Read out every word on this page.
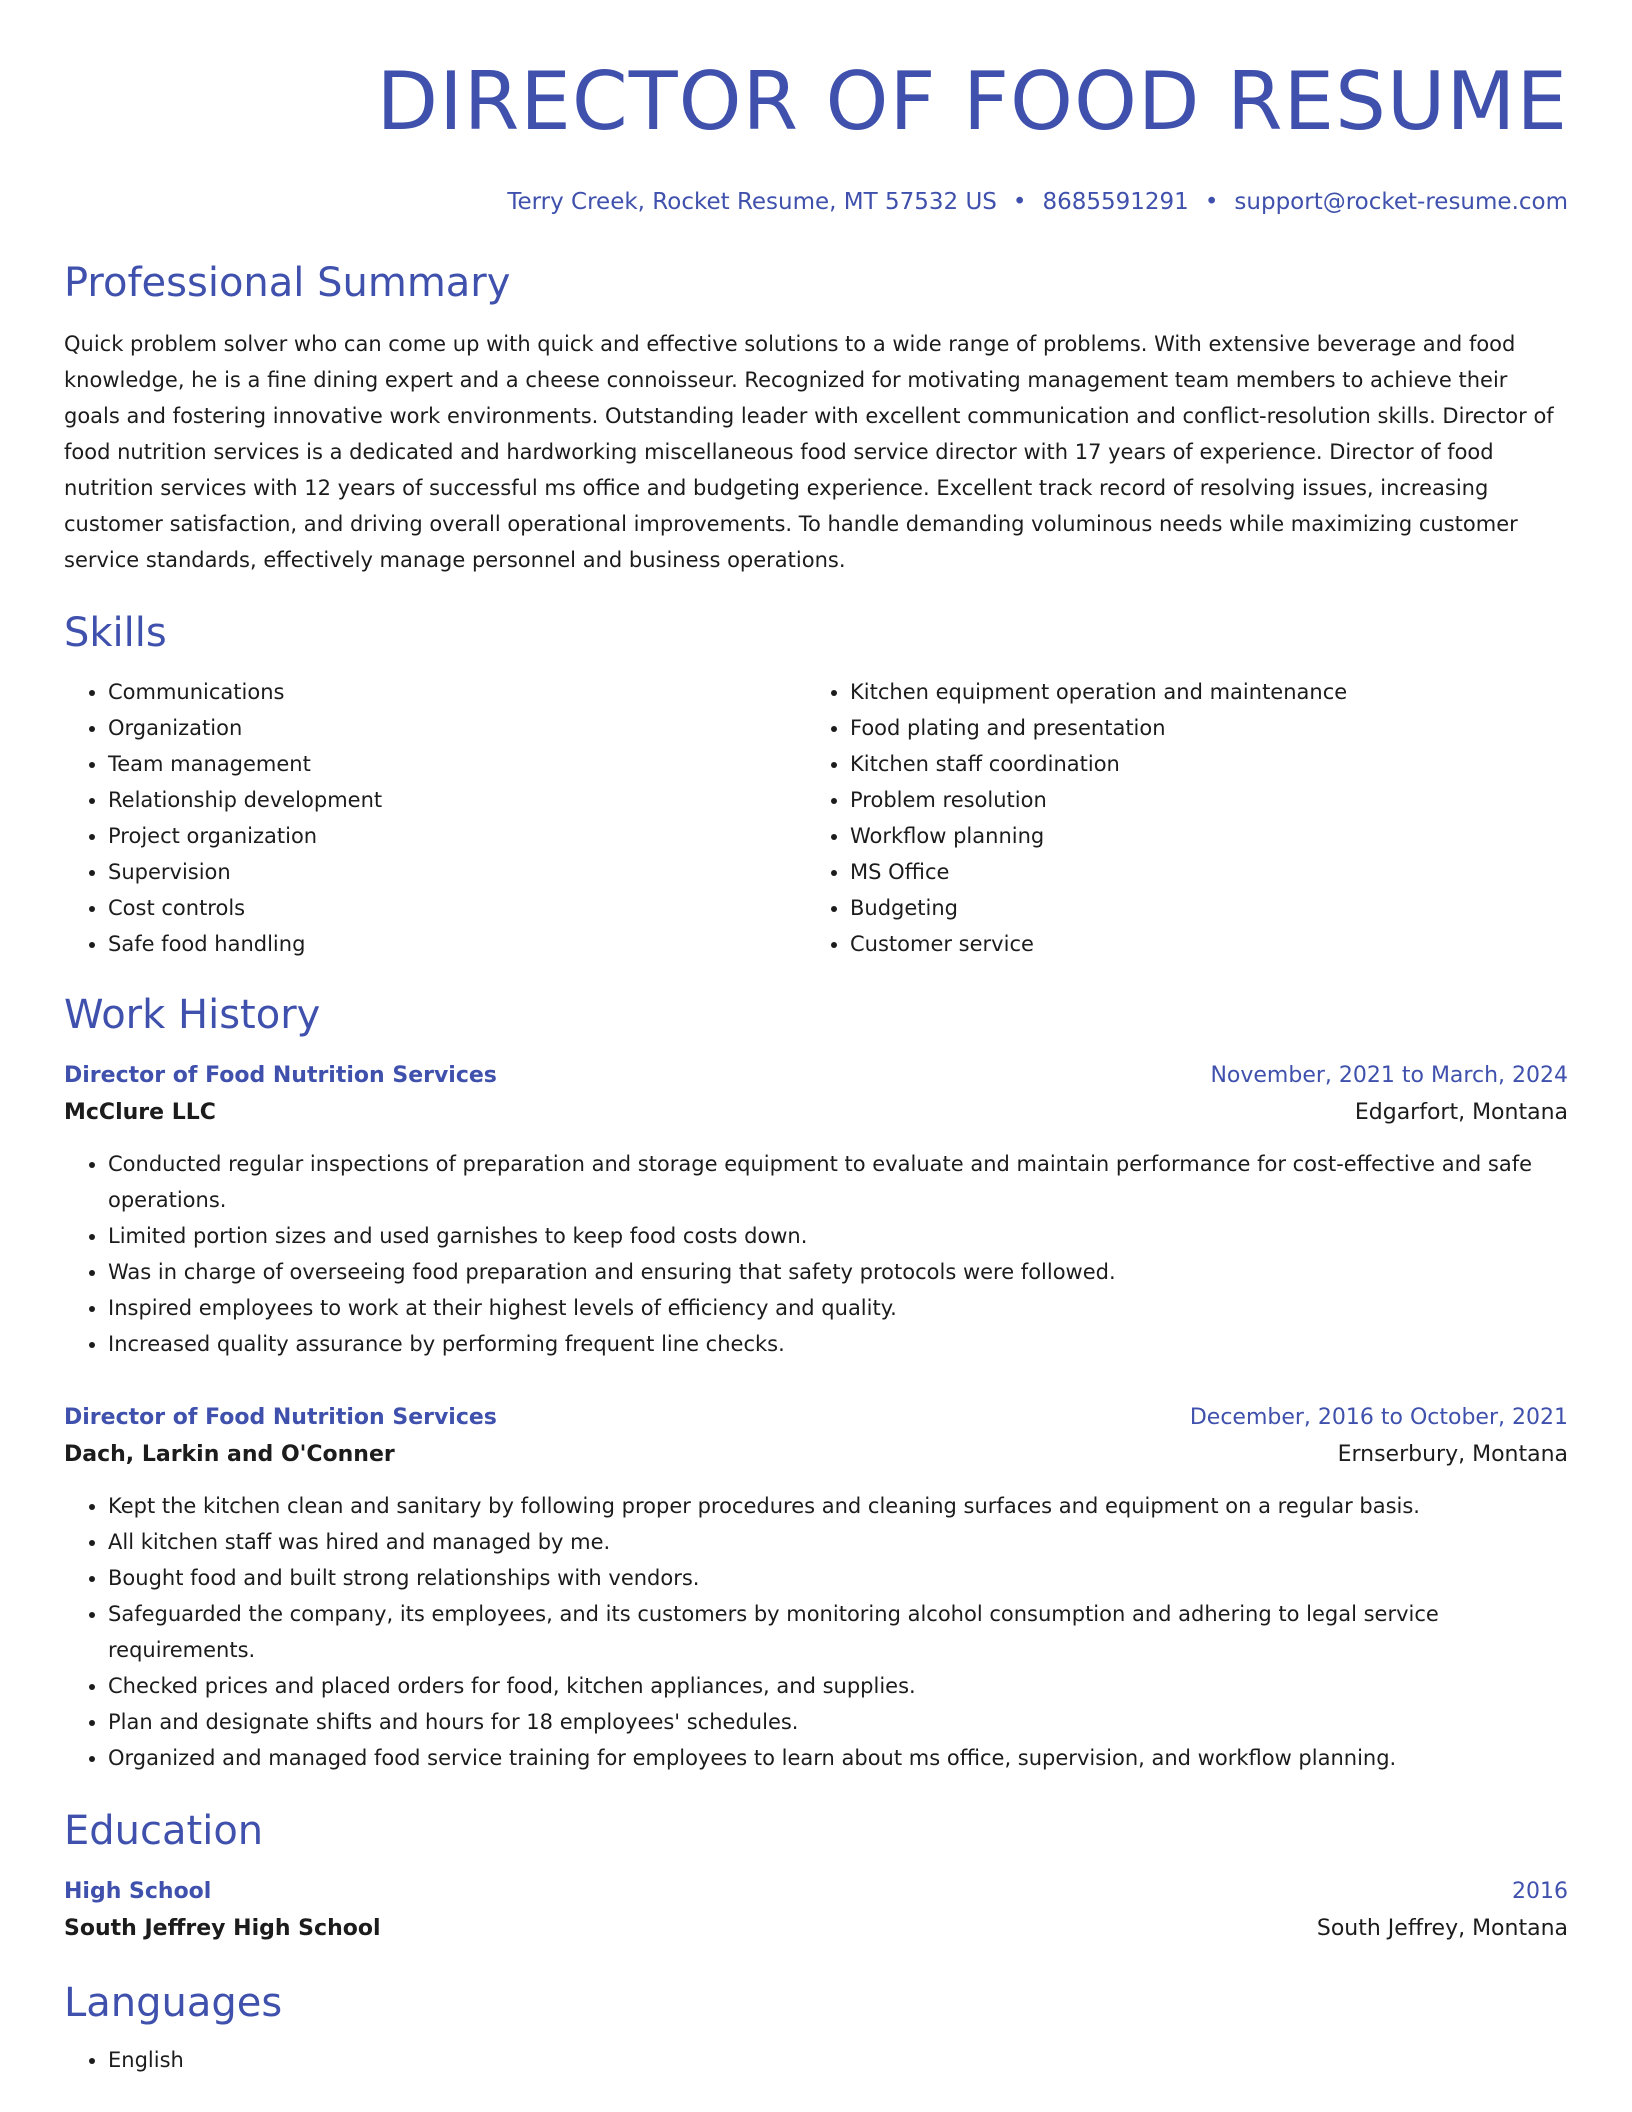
DIRECTOR OF FOOD RESUME
Terry Creek, Rocket Resume, MT 57532 US • 8685591291 • support@rocket-resume.com
Professional Summary

Quick problem solver who can come up with quick and effective solutions to a wide range of problems. With extensive beverage and food knowledge, he is a fine dining expert and a cheese connoisseur. Recognized for motivating management team members to achieve their goals and fostering innovative work environments. Outstanding leader with excellent communication and conflict-resolution skills. Director of food nutrition services is a dedicated and hardworking miscellaneous food service director with 17 years of experience. Director of food nutrition services with 12 years of successful ms office and budgeting experience. Excellent track record of resolving issues, increasing customer satisfaction, and driving overall operational improvements. To handle demanding voluminous needs while maximizing customer service standards, effectively manage personnel and business operations.

Skills
• Communications
• Organization
• Team management
• Relationship development
• Project organization
• Supervision
• Cost controls
• Safe food handling
• Kitchen equipment operation and maintenance
• Food plating and presentation
• Kitchen staff coordination
• Problem resolution
• Workflow planning
• MS Office
• Budgeting
• Customer service
Work History
Director of Food Nutrition Services	November, 2021 to March, 2024
McClure LLC	Edgarfort, Montana
• Conducted regular inspections of preparation and storage equipment to evaluate and maintain performance for cost-effective and safe operations.
• Limited portion sizes and used garnishes to keep food costs down.
• Was in charge of overseeing food preparation and ensuring that safety protocols were followed.
• Inspired employees to work at their highest levels of efficiency and quality.
• Increased quality assurance by performing frequent line checks.
Director of Food Nutrition Services	December, 2016 to October, 2021
Dach, Larkin and O'Conner	Ernserbury, Montana
• Kept the kitchen clean and sanitary by following proper procedures and cleaning surfaces and equipment on a regular basis.
• All kitchen staff was hired and managed by me.
• Bought food and built strong relationships with vendors.
• Safeguarded the company, its employees, and its customers by monitoring alcohol consumption and adhering to legal service requirements.
• Checked prices and placed orders for food, kitchen appliances, and supplies.
• Plan and designate shifts and hours for 18 employees' schedules.
• Organized and managed food service training for employees to learn about ms office, supervision, and workflow planning.
Education
High School	2016
South Jeffrey High School	South Jeffrey, Montana
Languages
• English
